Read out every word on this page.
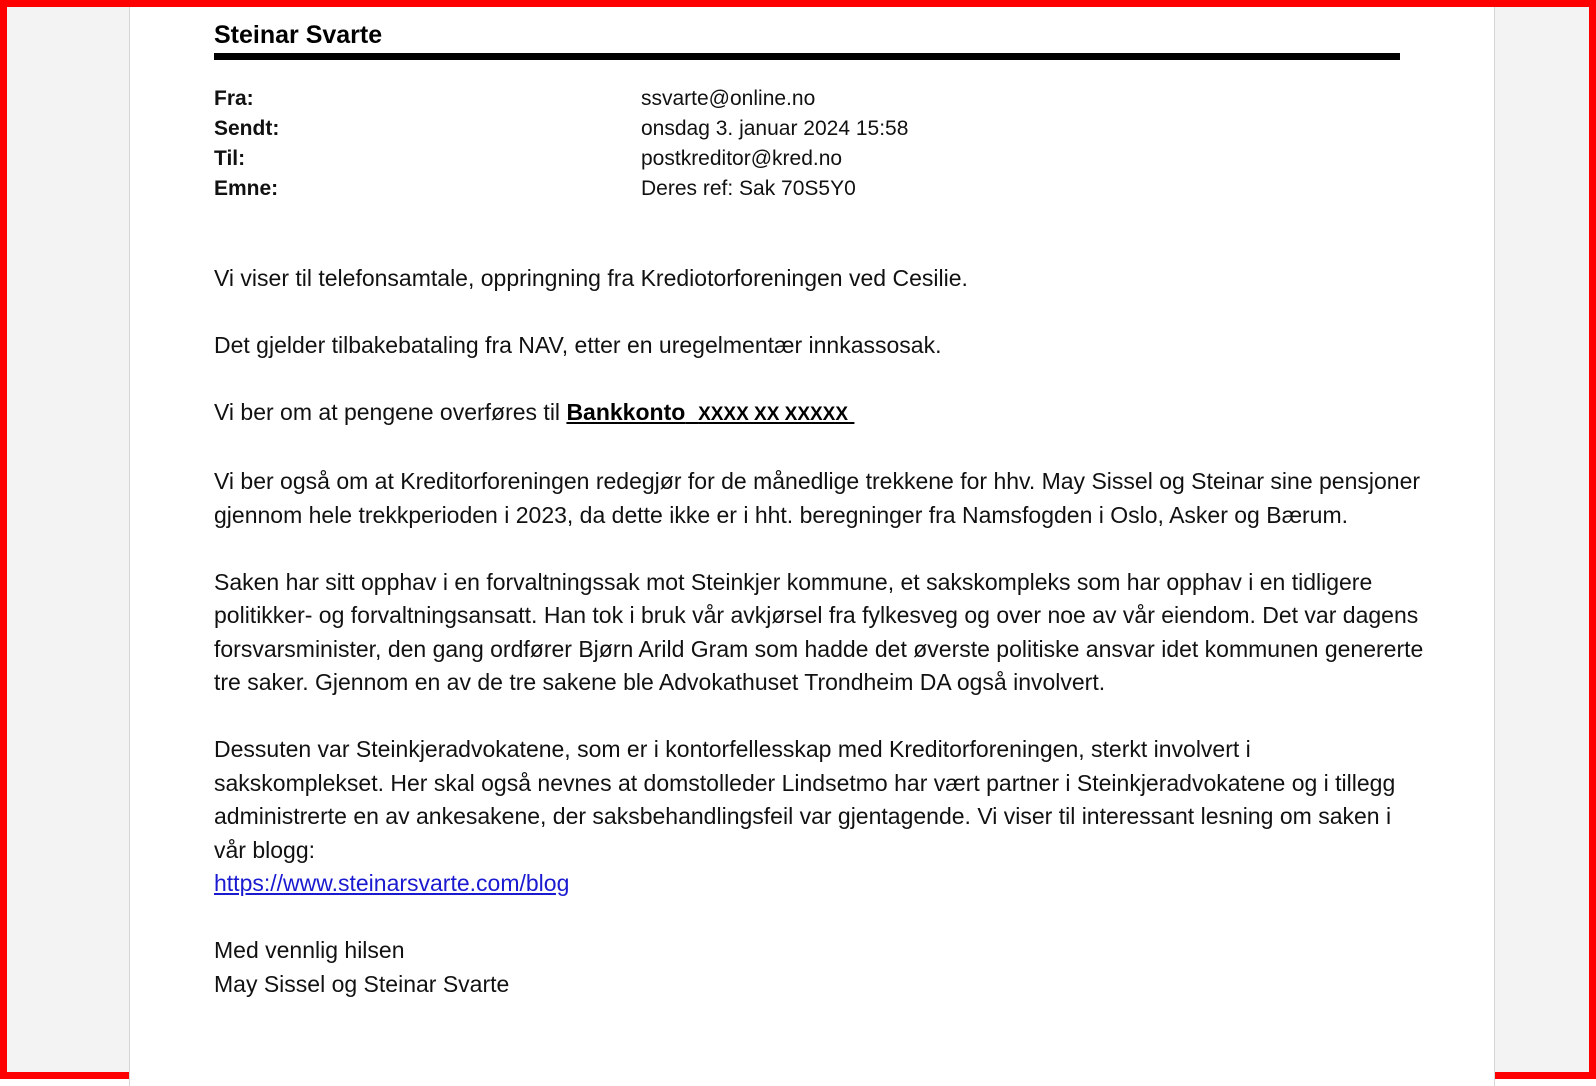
Steinar Svarte
Fra:	ssvarte@online.no
Sendt:	onsdag 3. januar 2024 15:58
Til:	postkreditor@kred.no
Emne:	Deres ref: Sak 70S5Y0

Vi viser til telefonsamtale, oppringning fra Krediotorforeningen ved Cesilie.

Det gjelder tilbakebataling fra NAV, etter en uregelmentær innkassosak.

Vi ber om at pengene overføres til Bankkonto XXXX XX XXXXX

Vi ber også om at Kreditorforeningen redegjør for de månedlige trekkene for hhv. May Sissel og Steinar sine pensjoner gjennom hele trekkperioden i 2023, da dette ikke er i hht. beregninger fra Namsfogden i Oslo, Asker og Bærum.

Saken har sitt opphav i en forvaltningssak mot Steinkjer kommune, et sakskompleks som har opphav i en tidligere politikker- og forvaltningsansatt. Han tok i bruk vår avkjørsel fra fylkesveg og over noe av vår eiendom. Det var dagens forsvarsminister, den gang ordfører Bjørn Arild Gram som hadde det øverste politiske ansvar idet kommunen genererte tre saker. Gjennom en av de tre sakene ble Advokathuset Trondheim DA også involvert.

Dessuten var Steinkjeradvokatene, som er i kontorfellesskap med Kreditorforeningen, sterkt involvert i sakskomplekset. Her skal også nevnes at domstolleder Lindsetmo har vært partner i Steinkjeradvokatene og i tillegg administrerte en av ankesakene, der saksbehandlingsfeil var gjentagende. Vi viser til interessant lesning om saken i vår blogg:
https://www.steinarsvarte.com/blog

Med vennlig hilsen

May Sissel og Steinar Svarte
